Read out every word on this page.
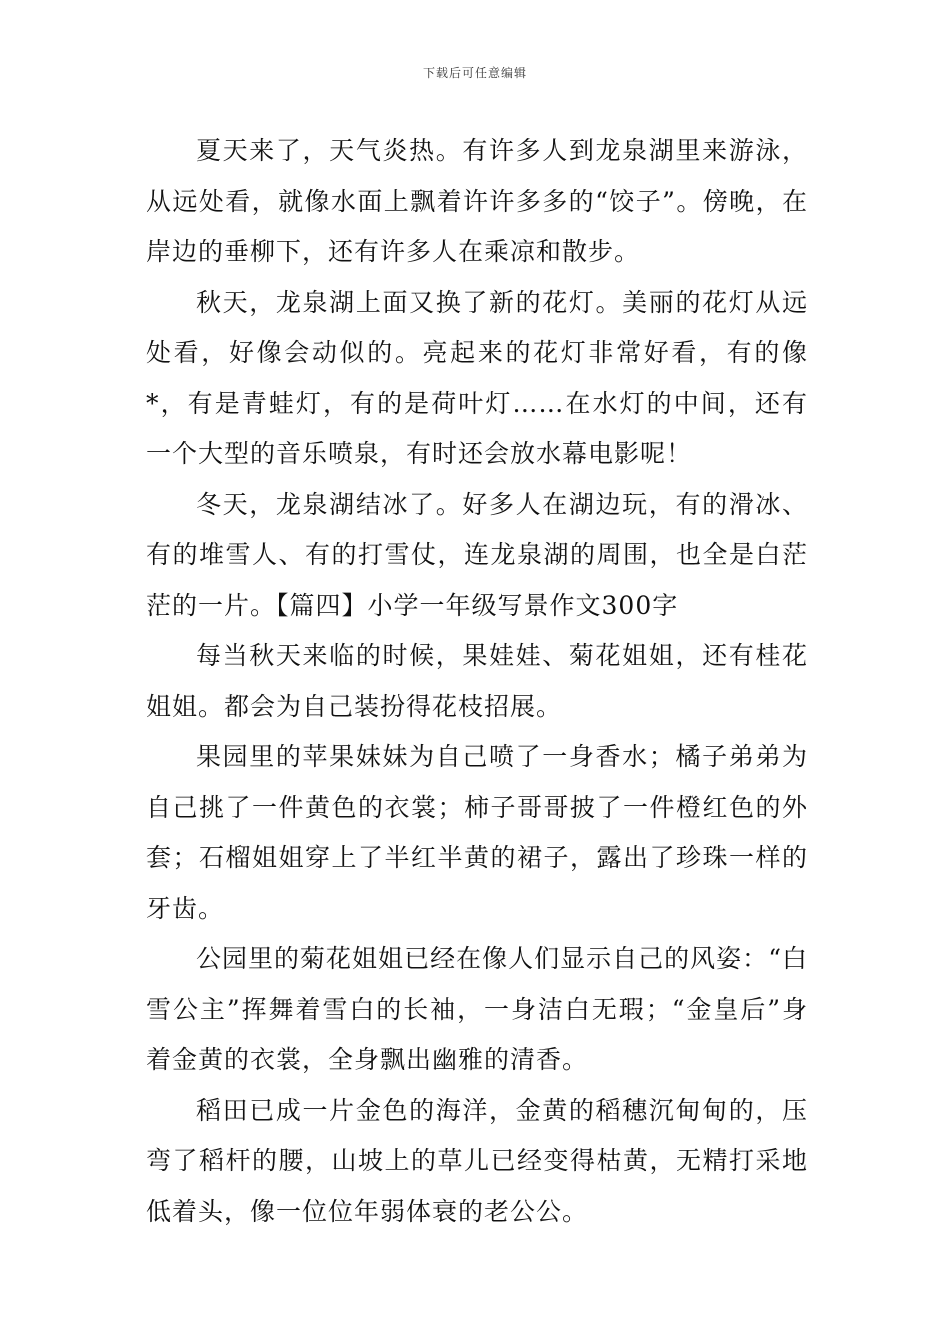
下载后可任意编辑

夏天来了，天气炎热。有许多人到龙泉湖里来游泳，从远处看，就像水面上飘着许许多多的“饺子”。傍晚，在岸边的垂柳下，还有许多人在乘凉和散步。

秋天，龙泉湖上面又换了新的花灯。美丽的花灯从远处看，好像会动似的。亮起来的花灯非常好看，有的像*，有是青蛙灯，有的是荷叶灯……在水灯的中间，还有一个大型的音乐喷泉，有时还会放水幕电影呢！

冬天，龙泉湖结冰了。好多人在湖边玩，有的滑冰、有的堆雪人、有的打雪仗，连龙泉湖的周围，也全是白茫茫的一片。【篇四】小学一年级写景作文300字

每当秋天来临的时候，果娃娃、菊花姐姐，还有桂花姐姐。都会为自己装扮得花枝招展。

果园里的苹果妹妹为自己喷了一身香水；橘子弟弟为自己挑了一件黄色的衣裳；柿子哥哥披了一件橙红色的外套；石榴姐姐穿上了半红半黄的裙子，露出了珍珠一样的牙齿。

公园里的菊花姐姐已经在像人们显示自己的风姿：“白雪公主”挥舞着雪白的长袖，一身洁白无瑕；“金皇后”身着金黄的衣裳，全身飘出幽雅的清香。

稻田已成一片金色的海洋，金黄的稻穗沉甸甸的，压弯了稻杆的腰，山坡上的草儿已经变得枯黄，无精打采地低着头，像一位位年弱体衰的老公公。
